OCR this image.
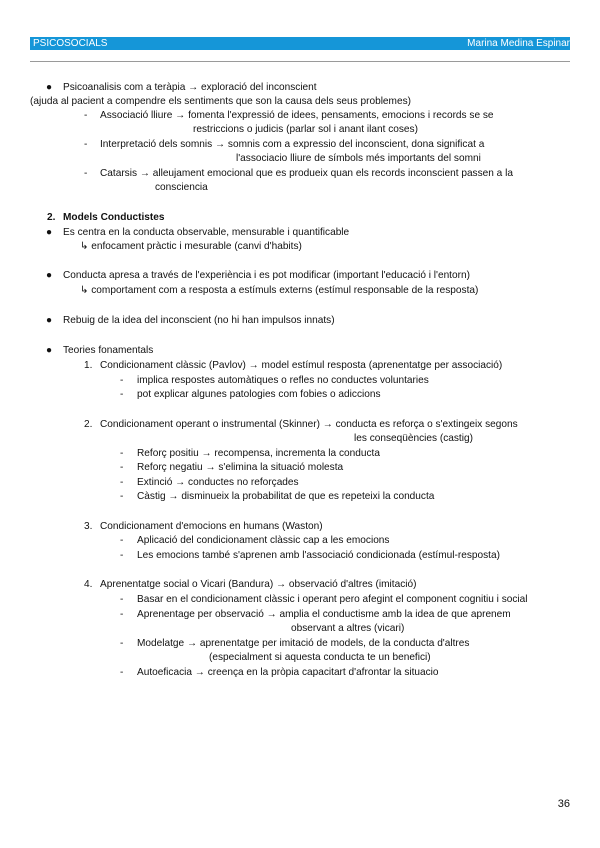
PSICOSOCIALS	Marina Medina Espinar
● Psicoanalisis com a teràpia → exploració del inconscient
(ajuda al pacient a compendre els sentiments que son la causa dels seus problemes)
- Associació lliure → fomenta l'expressió de idees, pensaments, emocions i records se se
restriccions o judicis (parlar sol i anant ilant coses)
- Interpretació dels somnis → somnis com a expressio del inconscient, dona significat a
l'associacio lliure de símbols més importants del somni
- Catarsis → alleujament emocional que es produeix quan els records inconscient passen a la
consciencia
2. Models Conductistes
● Es centra en la conducta observable, mensurable i quantificable
↳ enfocament pràctic i mesurable (canvi d'habits)
● Conducta apresa a través de l'experiència i es pot modificar (important l'educació i l'entorn)
↳ comportament com a resposta a estímuls externs (estímul responsable de la resposta)
● Rebuig de la idea del inconscient (no hi han impulsos innats)
● Teories fonamentals
1. Condicionament clàssic (Pavlov) → model estímul resposta (aprenentatge per associació)
- implica respostes automàtiques o refles no conductes voluntaries
- pot explicar algunes patologies com fobies o adiccions
2. Condicionament operant o instrumental (Skinner) → conducta es reforça o s'extingeix segons
les conseqüències (castig)
- Reforç positiu → recompensa, incrementa la conducta
- Reforç negatiu → s'elimina la situació molesta
- Extinció → conductes no reforçades
- Càstig → disminueix la probabilitat de que es repeteixi la conducta
3. Condicionament d'emocions en humans (Waston)
- Aplicació del condicionament clàssic cap a les emocions
- Les emocions també s'aprenen amb l'associació condicionada (estímul-resposta)
4. Aprenentatge social o Vicari (Bandura) → observació d'altres (imitació)
- Basar en el condicionament clàssic i operant pero afegint el component cognitiu i social
- Aprenentage per observació → amplia el conductisme amb la idea de que aprenem
observant a altres (vicari)
- Modelatge → aprenentatge per imitació de models, de la conducta d'altres
(especialment si aquesta conducta te un benefici)
- Autoeficacia → creença en la pròpia capacitart d'afrontar la situacio
36
